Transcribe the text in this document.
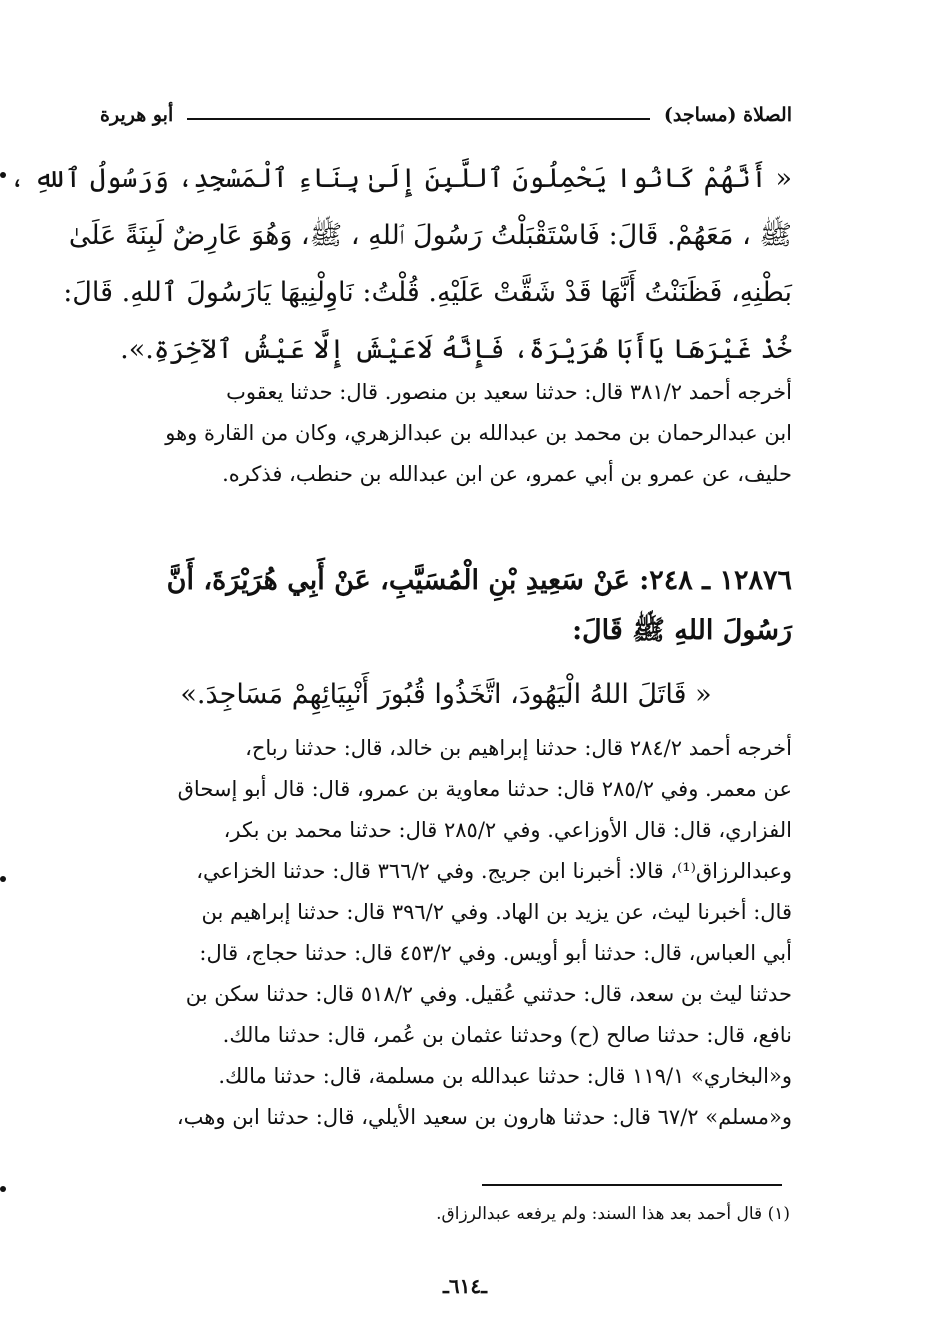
الصلاة (مساجد)
أبو هريرة
« أَنَّهُمْ كَانُوا يَحْمِلُونَ ٱللَّبِنَ إِلَىٰ بِنَاءِ ٱلْمَسْجِدِ، وَرَسُولُ ٱللهِ ،
ﷺ ، مَعَهُمْ. قَالَ: فَاسْتَقْبَلْتُ رَسُولَ ٱللهِ ، ﷺ، وَهُوَ عَارِضٌ لَبِنَةً عَلَىٰ
بَطْنِهِ، فَظَنَنْتُ أَنَّهَا قَدْ شَقَّتْ عَلَيْهِ. قُلْتُ: نَاوِلْنِيهَا يَارَسُولَ ٱللهِ. قَالَ:
خُذْ غَيْرَهَا يَاأَبَا هُرَيْرَةَ، فَإِنَّهُ لَاعَيْشَ إِلَّا عَيْشُ ٱلآخِرَةِ.».
أخرجه أحمد ٣٨١/٢ قال: حدثنا سعيد بن منصور. قال: حدثنا يعقوب
ابن عبدالرحمان بن محمد بن عبدالله بن عبدالزهري، وكان من القارة وهو
حليف، عن عمرو بن أبي عمرو، عن ابن عبدالله بن حنطب، فذكره.
١٢٨٧٦ ـ ٢٤٨: عَنْ سَعِيدِ بْنِ الْمُسَيَّبِ، عَنْ أَبِي هُرَيْرَةَ، أَنَّ
رَسُولَ اللهِ ﷺ قَالَ:
« قَاتَلَ اللهُ الْيَهُودَ، اتَّخَذُوا قُبُورَ أَنْبِيَائِهِمْ مَسَاجِدَ.»
أخرجه أحمد ٢٨٤/٢ قال: حدثنا إبراهيم بن خالد، قال: حدثنا رباح،
عن معمر. وفي ٢٨٥/٢ قال: حدثنا معاوية بن عمرو، قال: قال أبو إسحاق
الفزاري، قال: قال الأوزاعي. وفي ٢٨٥/٢ قال: حدثنا محمد بن بكر،
وعبدالرزاق⁽¹⁾، قالا: أخبرنا ابن جريج. وفي ٣٦٦/٢ قال: حدثنا الخزاعي،
قال: أخبرنا ليث، عن يزيد بن الهاد. وفي ٣٩٦/٢ قال: حدثنا إبراهيم بن
أبي العباس، قال: حدثنا أبو أويس. وفي ٤٥٣/٢ قال: حدثنا حجاج، قال:
حدثنا ليث بن سعد، قال: حدثني عُقيل. وفي ٥١٨/٢ قال: حدثنا سكن بن
نافع، قال: حدثنا صالح (ح) وحدثنا عثمان بن عُمر، قال: حدثنا مالك.
و«البخاري» ١١٩/١ قال: حدثنا عبدالله بن مسلمة، قال: حدثنا مالك.
و«مسلم» ٦٧/٢ قال: حدثنا هارون بن سعيد الأيلي، قال: حدثنا ابن وهب،
(١) قال أحمد بعد هذا السند: ولم يرفعه عبدالرزاق.
ـ٦١٤ـ
